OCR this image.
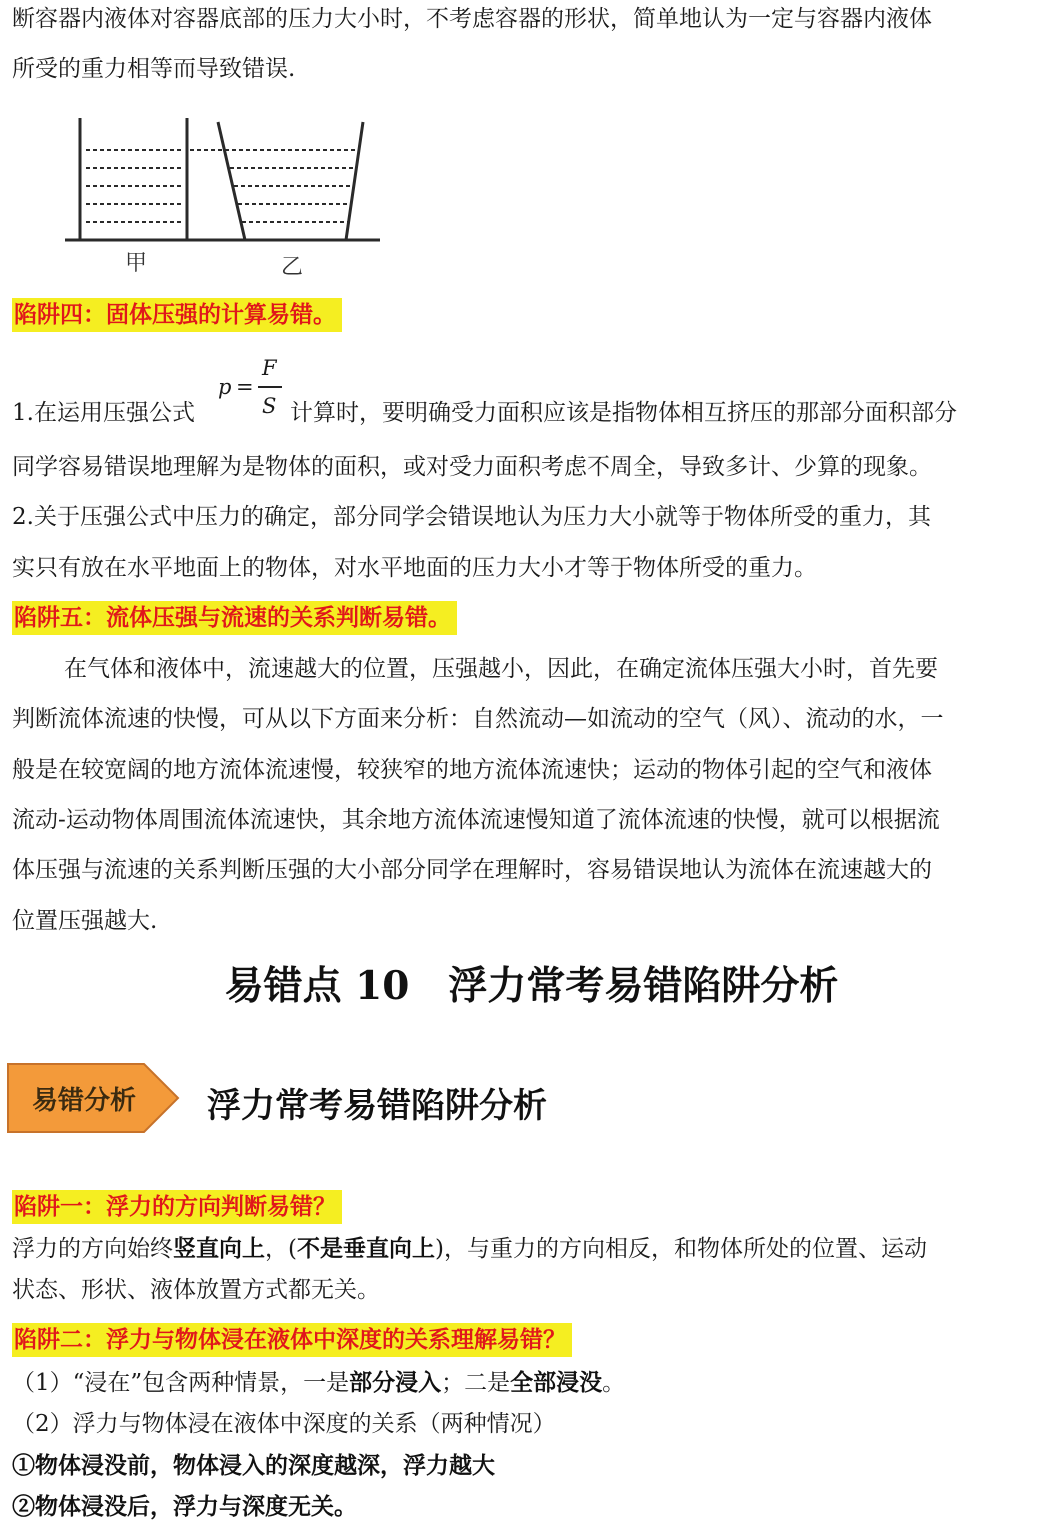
断容器内液体对容器底部的压力大小时，不考虑容器的形状，简单地认为一定与容器内液体
所受的重力相等而导致错误.
甲	乙
陷阱四：固体压强的计算易错。
p =
F
S
1.在运用压强公式	计算时，要明确受力面积应该是指物体相互挤压的那部分面积部分
同学容易错误地理解为是物体的面积，或对受力面积考虑不周全，导致多计、少算的现象。
2.关于压强公式中压力的确定，部分同学会错误地认为压力大小就等于物体所受的重力，其
实只有放在水平地面上的物体，对水平地面的压力大小才等于物体所受的重力。
陷阱五：流体压强与流速的关系判断易错。
在气体和液体中，流速越大的位置，压强越小，因此，在确定流体压强大小时，首先要
判断流体流速的快慢，可从以下方面来分析：自然流动—如流动的空气（风）、流动的水，一
般是在较宽阔的地方流体流速慢，较狭窄的地方流体流速快；运动的物体引起的空气和液体
流动-运动物体周围流体流速快，其余地方流体流速慢知道了流体流速的快慢，就可以根据流
体压强与流速的关系判断压强的大小部分同学在理解时，容易错误地认为流体在流速越大的
位置压强越大.
易错点 10　浮力常考易错陷阱分析
易错分析 浮力常考易错陷阱分析
陷阱一：浮力的方向判断易错？
浮力的方向始终竖直向上，(不是垂直向上)，与重力的方向相反，和物体所处的位置、运动
状态、形状、液体放置方式都无关。
陷阱二：浮力与物体浸在液体中深度的关系理解易错？
（1）“浸在”包含两种情景，一是部分浸入；二是全部浸没。
（2）浮力与物体浸在液体中深度的关系（两种情况）
①物体浸没前，物体浸入的深度越深，浮力越大
②物体浸没后，浮力与深度无关。
